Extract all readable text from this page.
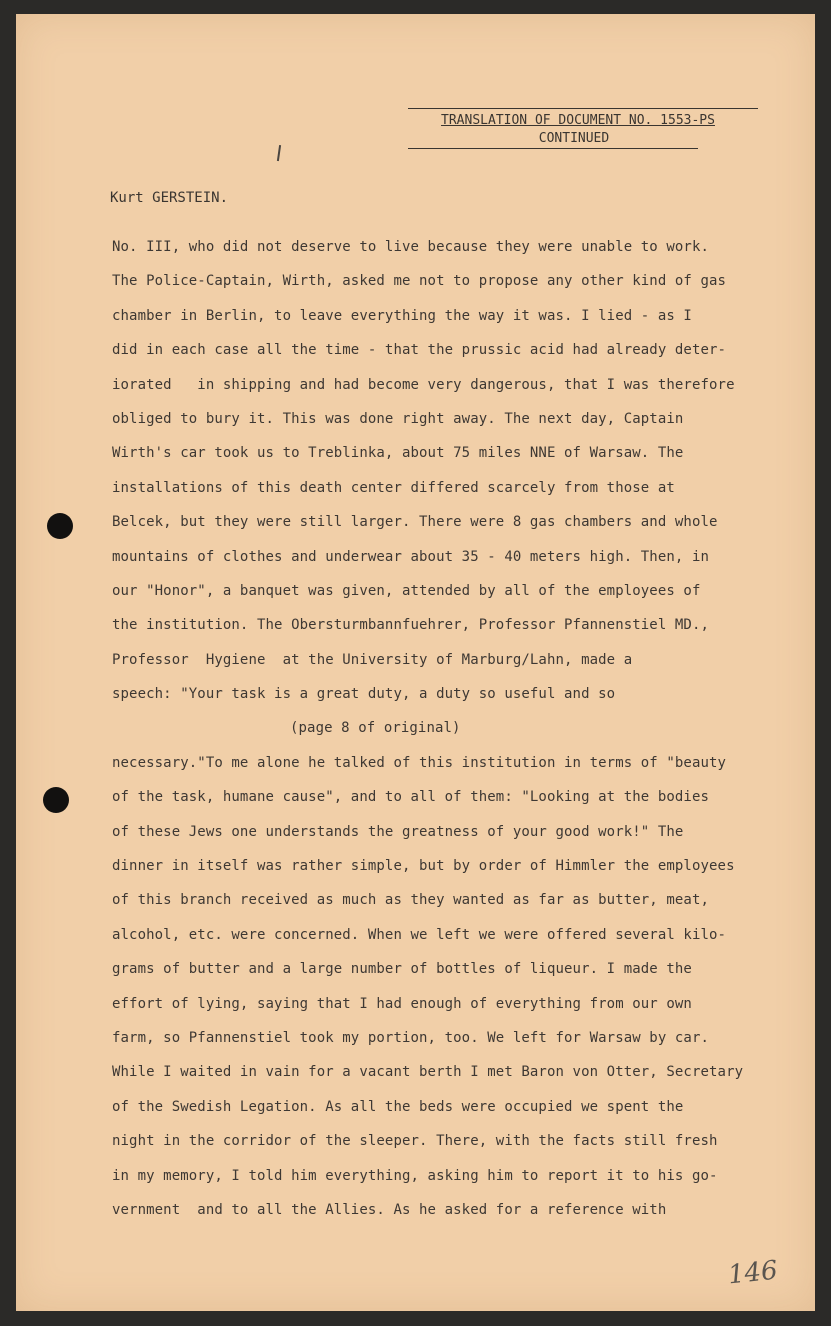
TRANSLATION OF DOCUMENT NO. 1553-PS
CONTINUED
Kurt GERSTEIN.
No. III, who did not deserve to live because they were unable to work.
The Police-Captain, Wirth, asked me not to propose any other kind of gas
chamber in Berlin, to leave everything the way it was. I lied - as I
did in each case all the time - that the prussic acid had already deter-
iorated   in shipping and had become very dangerous, that I was therefore
obliged to bury it. This was done right away. The next day, Captain
Wirth's car took us to Treblinka, about 75 miles NNE of Warsaw. The
installations of this death center differed scarcely from those at
Belcek, but they were still larger. There were 8 gas chambers and whole
mountains of clothes and underwear about 35 - 40 meters high. Then, in
our "Honor", a banquet was given, attended by all of the employees of
the institution. The Obersturmbannfuehrer, Professor Pfannenstiel MD.,
Professor  Hygiene  at the University of Marburg/Lahn, made a
speech: "Your task is a great duty, a duty so useful and so
(page 8 of original)
necessary."To me alone he talked of this institution in terms of "beauty
of the task, humane cause", and to all of them: "Looking at the bodies
of these Jews one understands the greatness of your good work!" The
dinner in itself was rather simple, but by order of Himmler the employees
of this branch received as much as they wanted as far as butter, meat,
alcohol, etc. were concerned. When we left we were offered several kilo-
grams of butter and a large number of bottles of liqueur. I made the
effort of lying, saying that I had enough of everything from our own
farm, so Pfannenstiel took my portion, too. We left for Warsaw by car.
While I waited in vain for a vacant berth I met Baron von Otter, Secretary
of the Swedish Legation. As all the beds were occupied we spent the
night in the corridor of the sleeper. There, with the facts still fresh
in my memory, I told him everything, asking him to report it to his go-
vernment  and to all the Allies. As he asked for a reference with
146
